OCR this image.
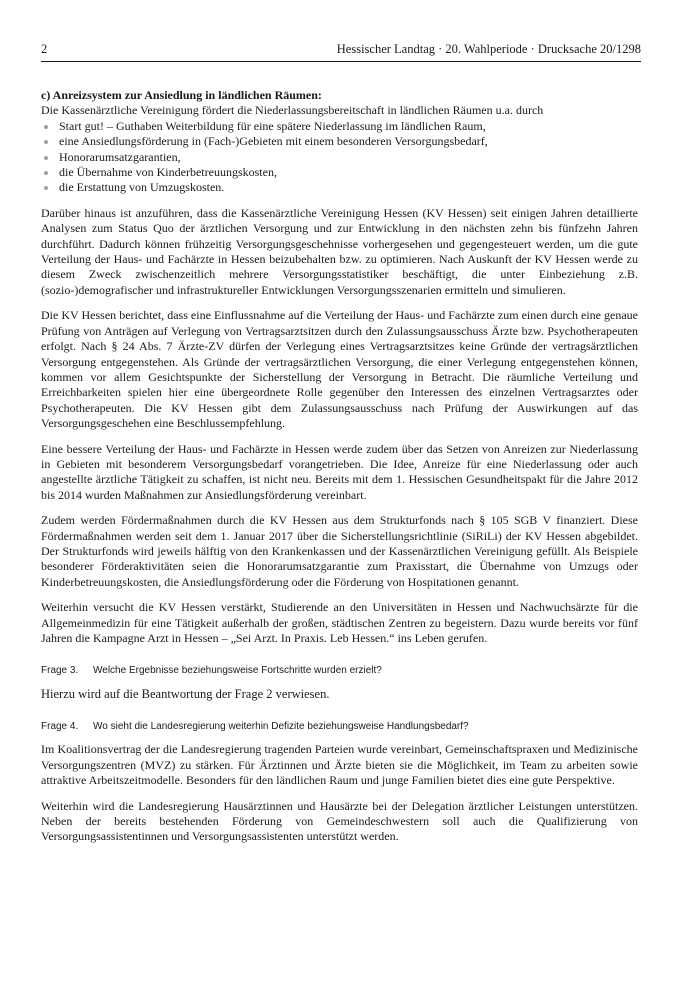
2	Hessischer Landtag · 20. Wahlperiode · Drucksache 20/1298
c) Anreizsystem zur Ansiedlung in ländlichen Räumen:

Die Kassenärztliche Vereinigung fördert die Niederlassungsbereitschaft in ländlichen Räumen u.a. durch

Start gut! – Guthaben Weiterbildung für eine spätere Niederlassung im ländlichen Raum,
eine Ansiedlungsförderung in (Fach-)Gebieten mit einem besonderen Versorgungsbedarf,
Honorarumsatzgarantien,
die Übernahme von Kinderbetreuungskosten,
die Erstattung von Umzugskosten.

Darüber hinaus ist anzuführen, dass die Kassenärztliche Vereinigung Hessen (KV Hessen) seit einigen Jahren detaillierte Analysen zum Status Quo der ärztlichen Versorgung und zur Entwicklung in den nächsten zehn bis fünfzehn Jahren durchführt. Dadurch können frühzeitig Versorgungsgeschehnisse vorhergesehen und gegengesteuert werden, um die gute Verteilung der Haus- und Fachärzte in Hessen beizubehalten bzw. zu optimieren. Nach Auskunft der KV Hessen werde zu diesem Zweck zwischenzeitlich mehrere Versorgungsstatistiker beschäftigt, die unter Einbeziehung z.B. (sozio-)demografischer und infrastruktureller Entwicklungen Versorgungsszenarien ermitteln und simulieren.

Die KV Hessen berichtet, dass eine Einflussnahme auf die Verteilung der Haus- und Fachärzte zum einen durch eine genaue Prüfung von Anträgen auf Verlegung von Vertragsarztsitzen durch den Zulassungsausschuss Ärzte bzw. Psychotherapeuten erfolgt. Nach § 24 Abs. 7 Ärzte-ZV dürfen der Verlegung eines Vertragsarztsitzes keine Gründe der vertragsärztlichen Versorgung entgegenstehen. Als Gründe der vertragsärztlichen Versorgung, die einer Verlegung entgegenstehen können, kommen vor allem Gesichtspunkte der Sicherstellung der Versorgung in Betracht. Die räumliche Verteilung und Erreichbarkeiten spielen hier eine übergeordnete Rolle gegenüber den Interessen des einzelnen Vertragsarztes oder Psychotherapeuten. Die KV Hessen gibt dem Zulassungsausschuss nach Prüfung der Auswirkungen auf das Versorgungsgeschehen eine Beschlussempfehlung.

Eine bessere Verteilung der Haus- und Fachärzte in Hessen werde zudem über das Setzen von Anreizen zur Niederlassung in Gebieten mit besonderem Versorgungsbedarf vorangetrieben. Die Idee, Anreize für eine Niederlassung oder auch angestellte ärztliche Tätigkeit zu schaffen, ist nicht neu. Bereits mit dem 1. Hessischen Gesundheitspakt für die Jahre 2012 bis 2014 wurden Maßnahmen zur Ansiedlungsförderung vereinbart.

Zudem werden Fördermaßnahmen durch die KV Hessen aus dem Strukturfonds nach § 105 SGB V finanziert. Diese Fördermaßnahmen werden seit dem 1. Januar 2017 über die Sicherstellungsrichtlinie (SiRiLi) der KV Hessen abgebildet. Der Strukturfonds wird jeweils hälftig von den Krankenkassen und der Kassenärztlichen Vereinigung gefüllt. Als Beispiele besonderer Förderaktivitäten seien die Honorarumsatzgarantie zum Praxisstart, die Übernahme von Umzugs oder Kinderbetreuungskosten, die Ansiedlungsförderung oder die Förderung von Hospitationen genannt.

Weiterhin versucht die KV Hessen verstärkt, Studierende an den Universitäten in Hessen und Nachwuchsärzte für die Allgemeinmedizin für eine Tätigkeit außerhalb der großen, städtischen Zentren zu begeistern. Dazu wurde bereits vor fünf Jahren die Kampagne Arzt in Hessen – „Sei Arzt. In Praxis. Leb Hessen.“ ins Leben gerufen.

Frage 3.	Welche Ergebnisse beziehungsweise Fortschritte wurden erzielt?

Hierzu wird auf die Beantwortung der Frage 2 verwiesen.

Frage 4.	Wo sieht die Landesregierung weiterhin Defizite beziehungsweise Handlungsbedarf?

Im Koalitionsvertrag der die Landesregierung tragenden Parteien wurde vereinbart, Gemeinschaftspraxen und Medizinische Versorgungszentren (MVZ) zu stärken. Für Ärztinnen und Ärzte bieten sie die Möglichkeit, im Team zu arbeiten sowie attraktive Arbeitszeitmodelle. Besonders für den ländlichen Raum und junge Familien bietet dies eine gute Perspektive.

Weiterhin wird die Landesregierung Hausärztinnen und Hausärzte bei der Delegation ärztlicher Leistungen unterstützen. Neben der bereits bestehenden Förderung von Gemeindeschwestern soll auch die Qualifizierung von Versorgungsassistentinnen und Versorgungsassistenten unterstützt werden.
